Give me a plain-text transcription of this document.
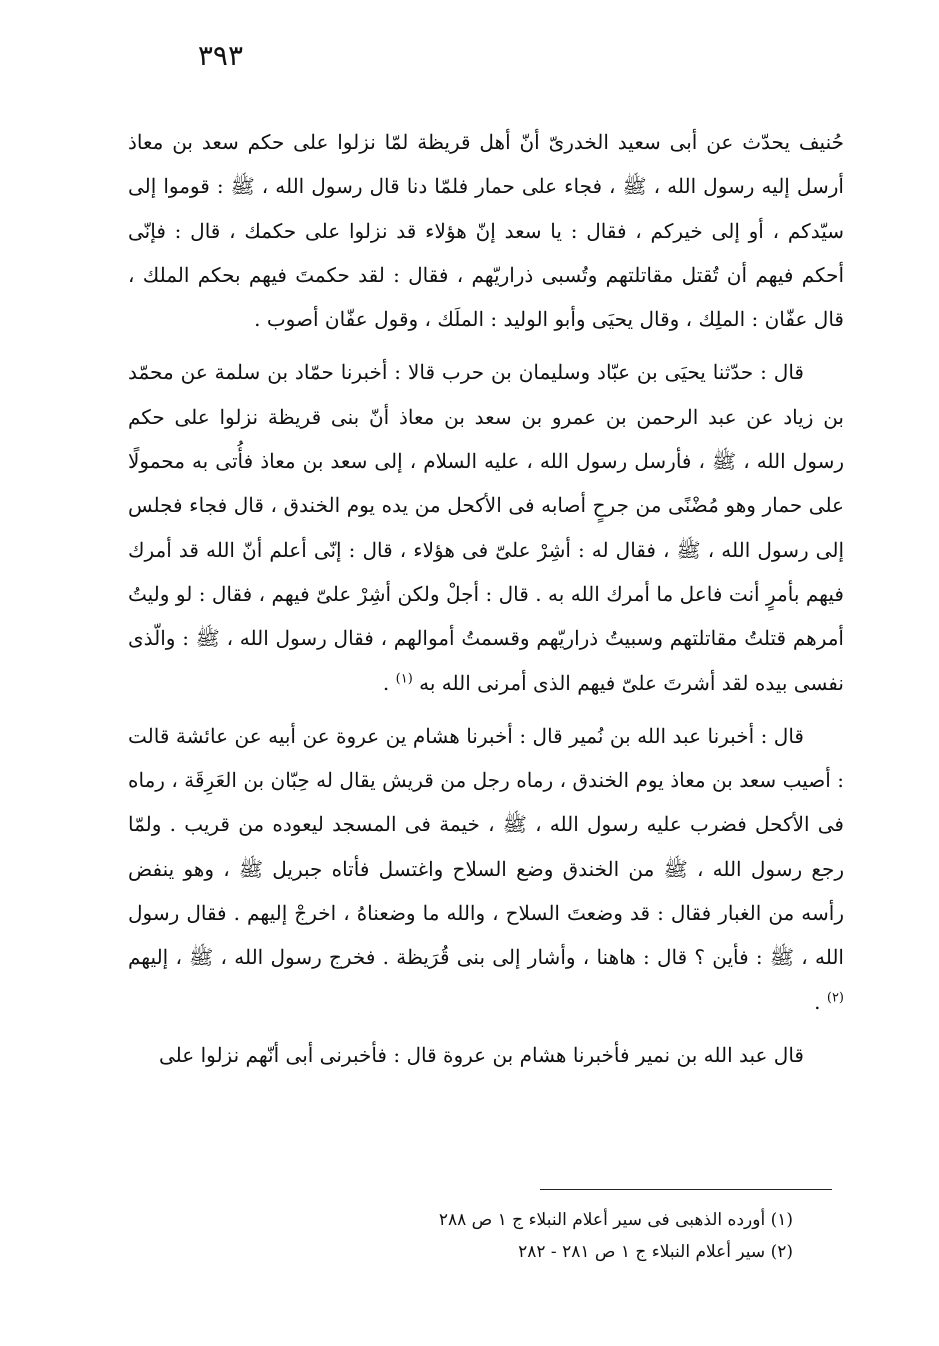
٣٩٣

حُنيف يحدّث عن أبى سعيد الخدرىّ أنّ أهل قريظة لمّا نزلوا على حكم سعد بن معاذ أرسل إليه رسول الله ، ﷺ ، فجاء على حمار فلمّا دنا قال رسول الله ، ﷺ : قوموا إلى سيّدكم ، أو إلى خيركم ، فقال : يا سعد إنّ هؤلاء قد نزلوا على حكمك ، قال : فإنّى أحكم فيهم أن تُقتل مقاتلتهم وتُسبى ذراريّهم ، فقال : لقد حكمتَ فيهم بحكم الملك ، قال عفّان : الملِك ، وقال يحيَى وأبو الوليد : الملَك ، وقول عفّان أصوب .

قال : حدّثنا يحيَى بن عبّاد وسليمان بن حرب قالا : أخبرنا حمّاد بن سلمة عن محمّد بن زياد عن عبد الرحمن بن عمرو بن سعد بن معاذ أنّ بنى قريظة نزلوا على حكم رسول الله ، ﷺ ، فأرسل رسول الله ، عليه السلام ، إلى سعد بن معاذ فأُتى به محمولًا على حمار وهو مُضْنًى من جرحٍ أصابه فى الأكحل من يده يوم الخندق ، قال فجاء فجلس إلى رسول الله ، ﷺ ، فقال له : أشِرْ علىّ فى هؤلاء ، قال : إنّى أعلم أنّ الله قد أمرك فيهم بأمرٍ أنت فاعل ما أمرك الله به . قال : أجلْ ولكن أشِرْ علىّ فيهم ، فقال : لو وليتُ أمرهم قتلتُ مقاتلتهم وسبيتُ ذراريّهم وقسمتُ أموالهم ، فقال رسول الله ، ﷺ : والّذى نفسى بيده لقد أشرتَ علىّ فيهم الذى أمرنى الله به $^{(١)}$ .

قال : أخبرنا عبد الله بن نُمير قال : أخبرنا هشام ين عروة عن أبيه عن عائشة قالت : أصيب سعد بن معاذ يوم الخندق ، رماه رجل من قريش يقال له حِبّان بن العَرِقَة ، رماه فى الأكحل فضرب عليه رسول الله ، ﷺ ، خيمة فى المسجد ليعوده من قريب . ولمّا رجع رسول الله ، ﷺ من الخندق وضع السلاح واغتسل فأتاه جبريل ﷺ ، وهو ينفض رأسه من الغبار فقال : قد وضعتَ السلاح ، والله ما وضعناهُ ، اخرجْ إليهم . فقال رسول الله ، ﷺ : فأين ؟ قال : هاهنا ، وأشار إلى بنى قُرَيظة . فخرج رسول الله ، ﷺ ، إليهم $^{(٢)}$ .

قال عبد الله بن نمير فأخبرنا هشام بن عروة قال : فأخبرنى أبى أنّهم نزلوا على

(١) أورده الذهبى فى سير أعلام النبلاء ج ١ ص ٢٨٨

(٢) سير أعلام النبلاء ج ١ ص ٢٨١ - ٢٨٢
